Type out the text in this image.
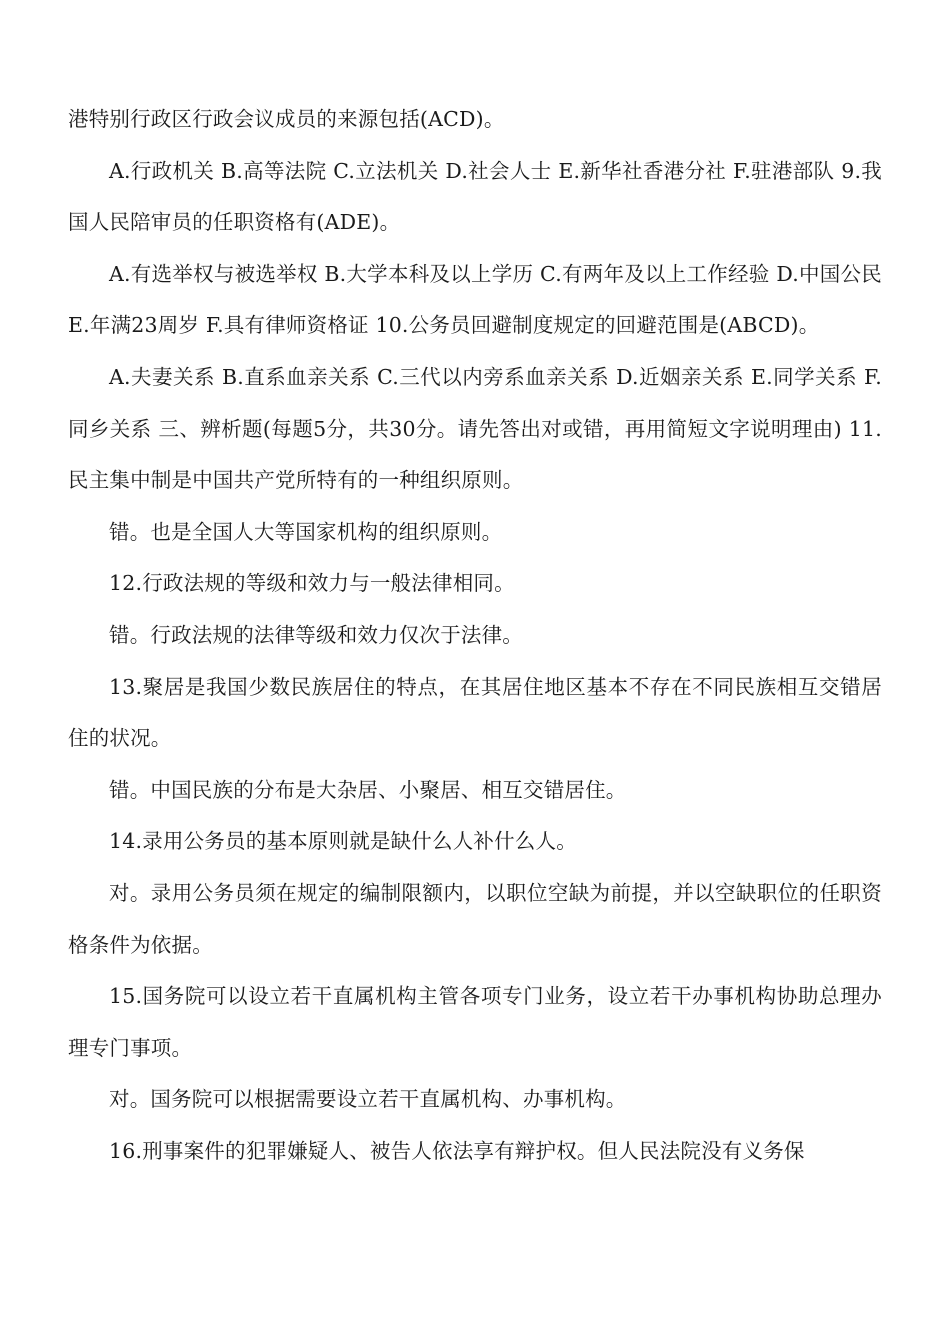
港特别行政区行政会议成员的来源包括(ACD)。

A.行政机关 B.高等法院 C.立法机关 D.社会人士 E.新华社香港分社 F.驻港部队 9.我国人民陪审员的任职资格有(ADE)。

A.有选举权与被选举权 B.大学本科及以上学历 C.有两年及以上工作经验 D.中国公民 E.年满23周岁 F.具有律师资格证 10.公务员回避制度规定的回避范围是(ABCD)。

A.夫妻关系 B.直系血亲关系 C.三代以内旁系血亲关系 D.近姻亲关系 E.同学关系 F.同乡关系 三、辨析题(每题5分，共30分。请先答出对或错，再用简短文字说明理由) 11.民主集中制是中国共产党所特有的一种组织原则。

错。也是全国人大等国家机构的组织原则。

12.行政法规的等级和效力与一般法律相同。

错。行政法规的法律等级和效力仅次于法律。

13.聚居是我国少数民族居住的特点，在其居住地区基本不存在不同民族相互交错居住的状况。

错。中国民族的分布是大杂居、小聚居、相互交错居住。

14.录用公务员的基本原则就是缺什么人补什么人。

对。录用公务员须在规定的编制限额内，以职位空缺为前提，并以空缺职位的任职资格条件为依据。

15.国务院可以设立若干直属机构主管各项专门业务，设立若干办事机构协助总理办理专门事项。

对。国务院可以根据需要设立若干直属机构、办事机构。

16.刑事案件的犯罪嫌疑人、被告人依法享有辩护权。但人民法院没有义务保
